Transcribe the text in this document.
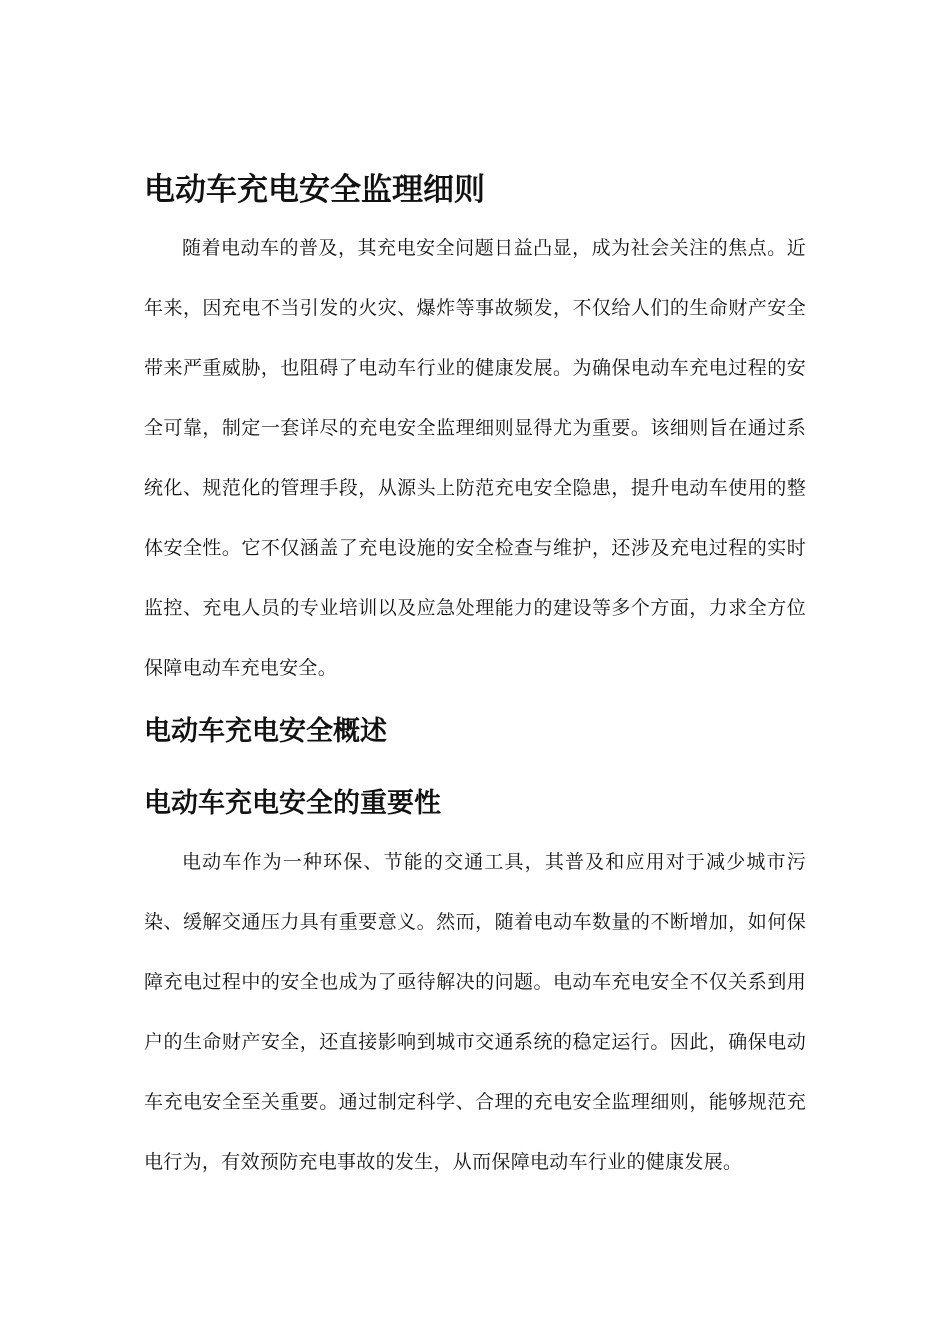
电动车充电安全监理细则

随着电动车的普及，其充电安全问题日益凸显，成为社会关注的焦点。近年来，因充电不当引发的火灾、爆炸等事故频发，不仅给人们的生命财产安全带来严重威胁，也阻碍了电动车行业的健康发展。为确保电动车充电过程的安全可靠，制定一套详尽的充电安全监理细则显得尤为重要。该细则旨在通过系统化、规范化的管理手段，从源头上防范充电安全隐患，提升电动车使用的整体安全性。它不仅涵盖了充电设施的安全检查与维护，还涉及充电过程的实时监控、充电人员的专业培训以及应急处理能力的建设等多个方面，力求全方位保障电动车充电安全。

电动车充电安全概述
电动车充电安全的重要性

电动车作为一种环保、节能的交通工具，其普及和应用对于减少城市污染、缓解交通压力具有重要意义。然而，随着电动车数量的不断增加，如何保障充电过程中的安全也成为了亟待解决的问题。电动车充电安全不仅关系到用户的生命财产安全，还直接影响到城市交通系统的稳定运行。因此，确保电动车充电安全至关重要。通过制定科学、合理的充电安全监理细则，能够规范充电行为，有效预防充电事故的发生，从而保障电动车行业的健康发展。
